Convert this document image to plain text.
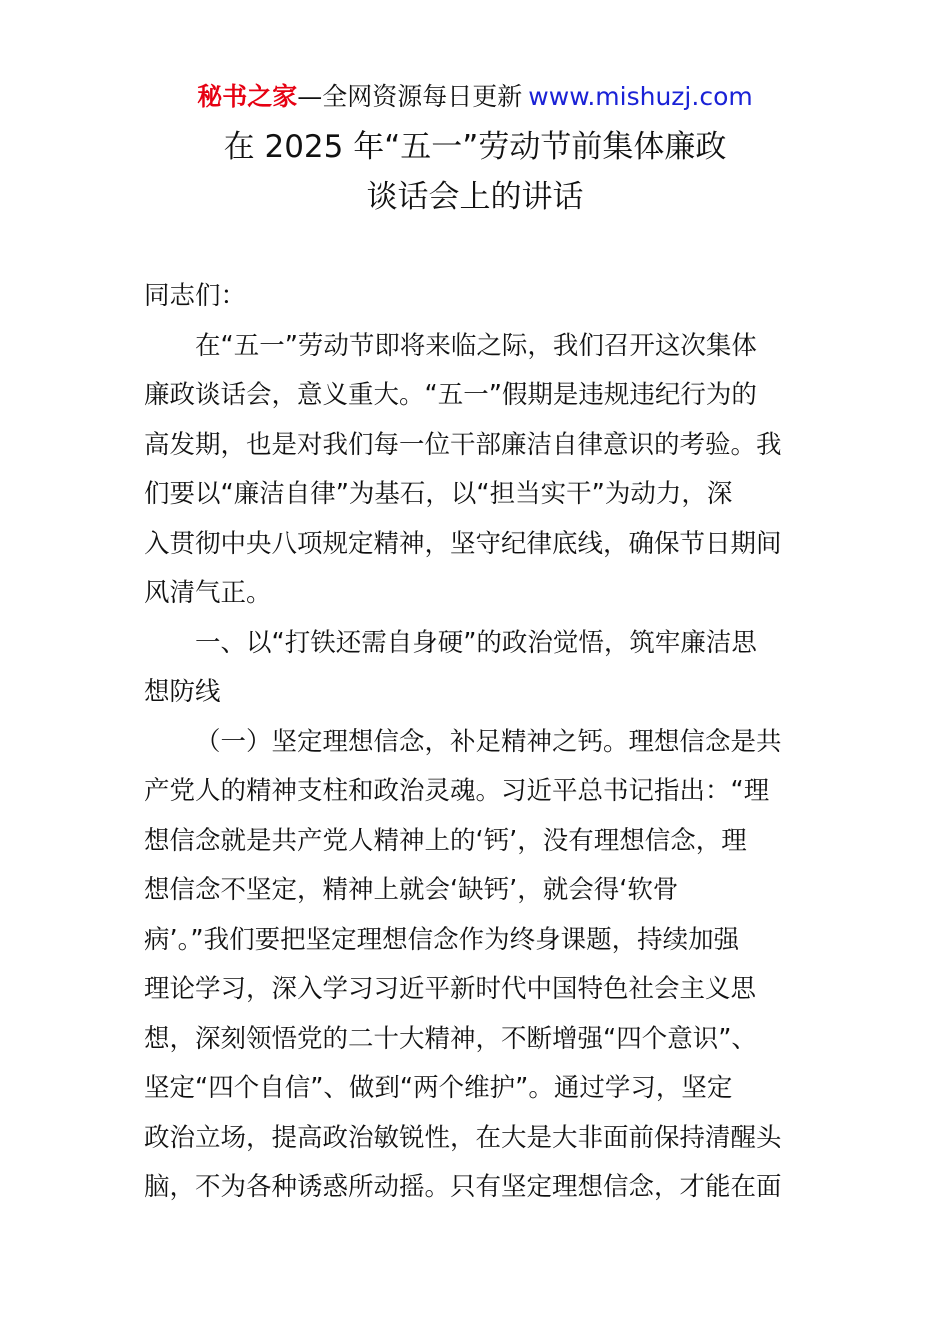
秘书之家—全网资源每日更新 www.mishuzj.com
在 2025 年“五一”劳动节前集体廉政
谈话会上的讲话
同志们：
在“五一”劳动节即将来临之际，我们召开这次集体
廉政谈话会，意义重大。“五一”假期是违规违纪行为的
高发期，也是对我们每一位干部廉洁自律意识的考验。我
们要以“廉洁自律”为基石，以“担当实干”为动力，深
入贯彻中央八项规定精神，坚守纪律底线，确保节日期间
风清气正。
一、以“打铁还需自身硬”的政治觉悟，筑牢廉洁思
想防线
（一）坚定理想信念，补足精神之钙。理想信念是共
产党人的精神支柱和政治灵魂。习近平总书记指出：“理
想信念就是共产党人精神上的‘钙’，没有理想信念，理
想信念不坚定，精神上就会‘缺钙’，就会得‘软骨
病’。”我们要把坚定理想信念作为终身课题，持续加强
理论学习，深入学习习近平新时代中国特色社会主义思
想，深刻领悟党的二十大精神，不断增强“四个意识”、
坚定“四个自信”、做到“两个维护”。通过学习，坚定
政治立场，提高政治敏锐性，在大是大非面前保持清醒头
脑，不为各种诱惑所动摇。只有坚定理想信念，才能在面
